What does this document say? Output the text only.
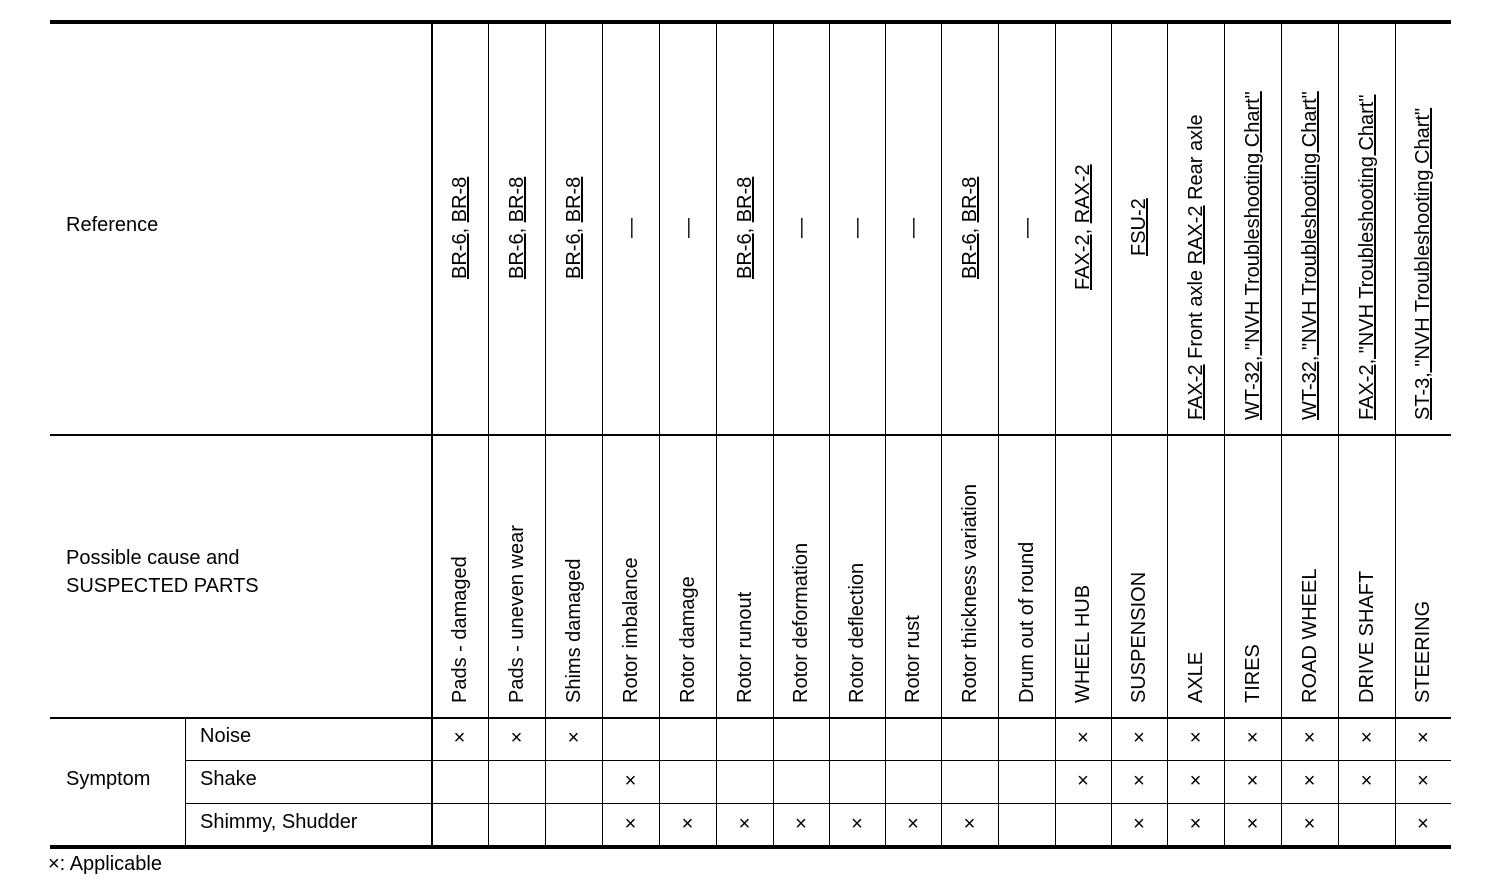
Reference
Possible cause and
SUSPECTED PARTS
Symptom
Noise
Shake
Shimmy, Shudder
×: Applicable
Pads - damaged
BR-6, BR-8
×
Pads - uneven wear
BR-6, BR-8
×
Shims damaged
BR-6, BR-8
×
Rotor imbalance
—
×
×
Rotor damage
—
×
Rotor runout
BR-6, BR-8
×
Rotor deformation
—
×
Rotor deflection
—
×
Rotor rust
—
×
Rotor thickness variation
BR-6, BR-8
×
Drum out of round
—
WHEEL HUB
FAX-2, RAX-2
×
×
SUSPENSION
FSU-2
×
×
×
AXLE
FAX-2 Front axle RAX-2 Rear axle
×
×
×
TIRES
WT-32, "NVH Troubleshooting Chart"
×
×
×
ROAD WHEEL
WT-32, "NVH Troubleshooting Chart"
×
×
×
DRIVE SHAFT
FAX-2, "NVH Troubleshooting Chart"
×
×
STEERING
ST-3, "NVH Troubleshooting Chart"
×
×
×
